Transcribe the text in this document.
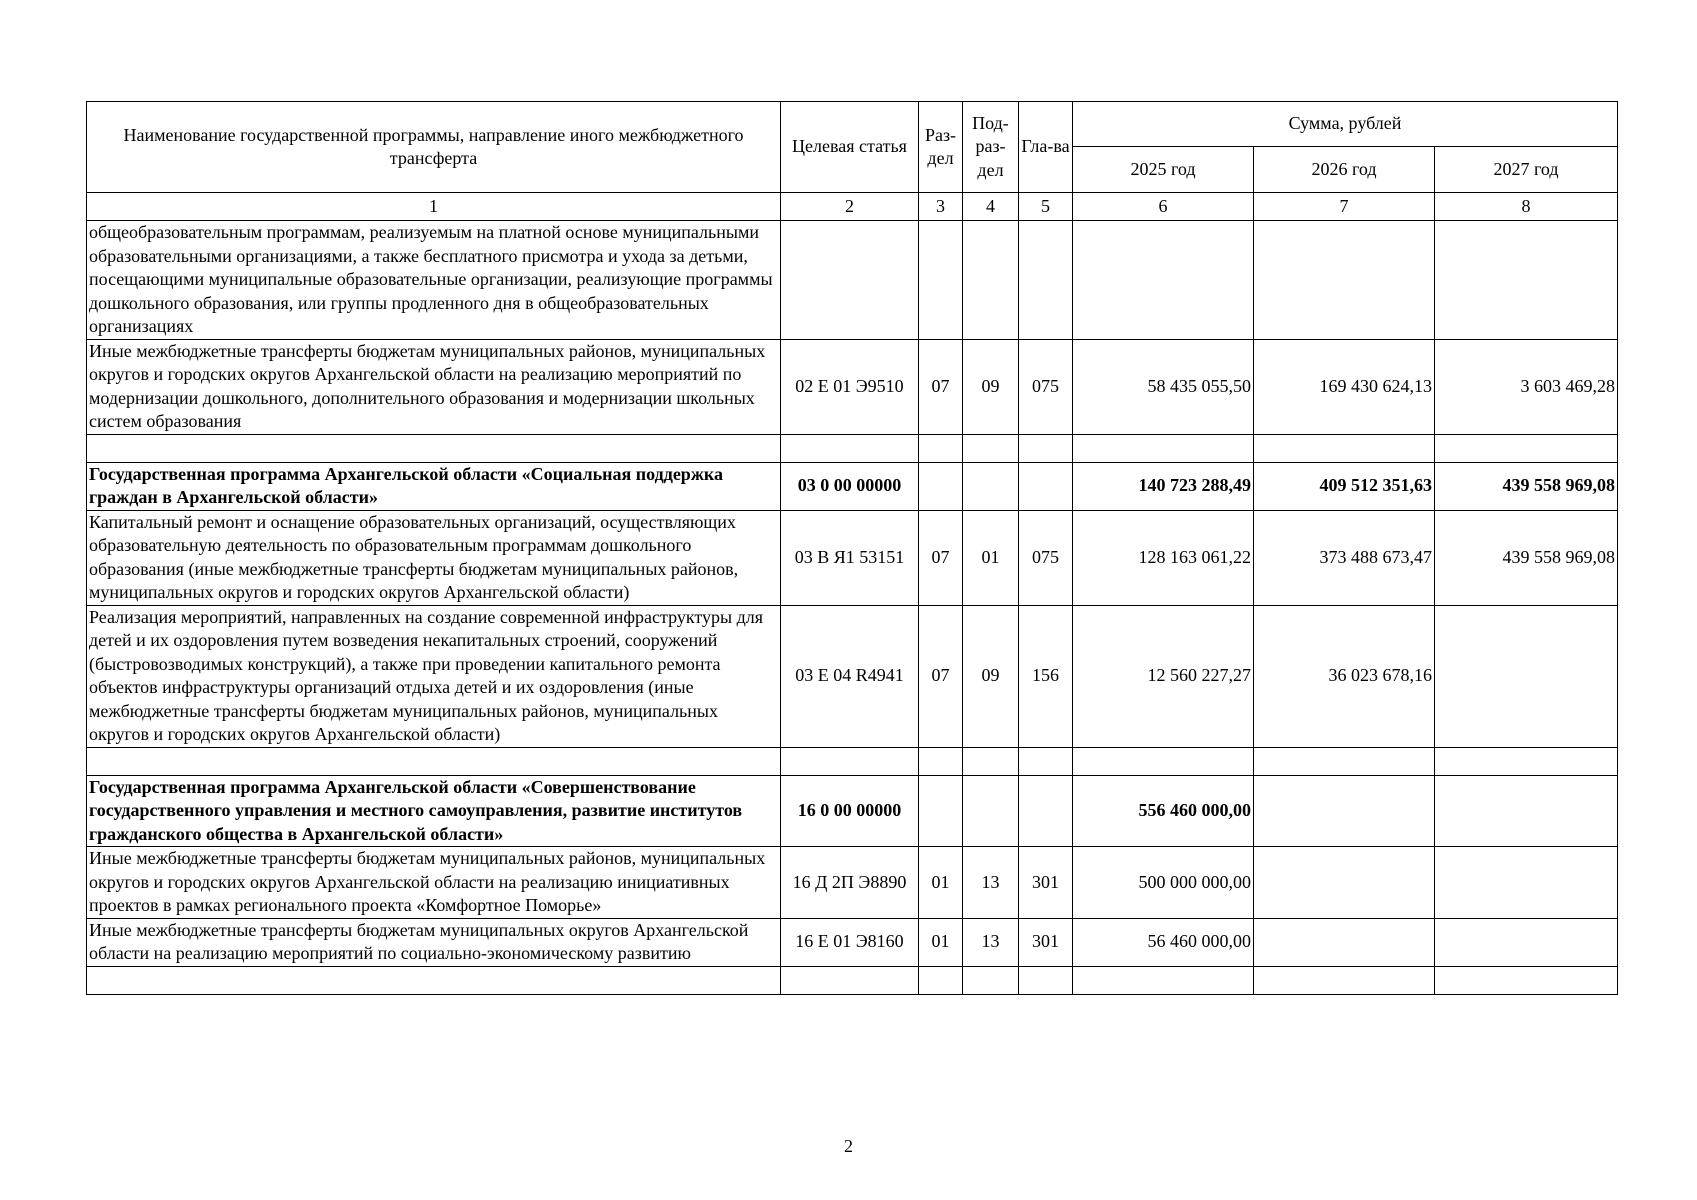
Наименование государственной программы, направление иного межбюджетного трансферта	Целевая статья	Раз-дел	Под-раз-дел	Гла-ва	Сумма, рублей		
					2025 год	2026 год	2027 год
1	2	3	4	5	6	7	8
общеобразовательным программам, реализуемым на платной основе муниципальными образовательными организациями, а также бесплатного присмотра и ухода за детьми, посещающими муниципальные образовательные организации, реализующие программы дошкольного образования, или группы продленного дня в общеобразовательных организациях							
Иные межбюджетные трансферты бюджетам муниципальных районов, муниципальных округов и городских округов Архангельской области на реализацию мероприятий по модернизации дошкольного, дополнительного образования и модернизации школьных систем образования	02 Е 01 Э9510	07	09	075	58 435 055,50	169 430 624,13	3 603 469,28

Государственная программа Архангельской области «Социальная поддержка граждан в Архангельской области»	03 0 00 00000				140 723 288,49	409 512 351,63	439 558 969,08
Капитальный ремонт и оснащение образовательных организаций, осуществляющих образовательную деятельность по образовательным программам дошкольного образования (иные межбюджетные трансферты бюджетам муниципальных районов, муниципальных округов и городских округов Архангельской области)	03 В Я1 53151	07	01	075	128 163 061,22	373 488 673,47	439 558 969,08
Реализация мероприятий, направленных на создание современной инфраструктуры для детей и их оздоровления путем возведения некапитальных строений, сооружений (быстровозводимых конструкций), а также при проведении капитального ремонта объектов инфраструктуры организаций отдыха детей и их оздоровления (иные межбюджетные трансферты бюджетам муниципальных районов, муниципальных округов и городских округов Архангельской области)	03 Е 04 R4941	07	09	156	12 560 227,27	36 023 678,16	

Государственная программа Архангельской области «Совершенствование государственного управления и местного самоуправления, развитие институтов гражданского общества в Архангельской области»	16 0 00 00000				556 460 000,00		
Иные межбюджетные трансферты бюджетам муниципальных районов, муниципальных округов и городских округов Архангельской области на реализацию инициативных проектов в рамках регионального проекта «Комфортное Поморье»	16 Д 2П Э8890	01	13	301	500 000 000,00		
Иные межбюджетные трансферты бюджетам муниципальных округов Архангельской области на реализацию мероприятий по социально-экономическому развитию	16 Е 01 Э8160	01	13	301	56 460 000,00		

2
